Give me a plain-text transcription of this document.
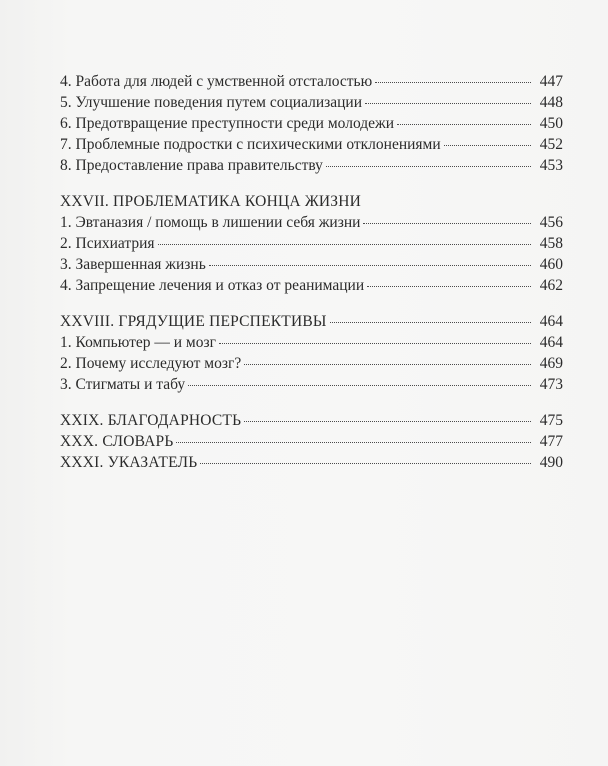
4. Работа для людей с умственной отсталостью	447
5. Улучшение поведения путем социализации	448
6. Предотвращение преступности среди молодежи	450
7. Проблемные подростки с психическими отклонениями	452
8. Предоставление права правительству	453
XXVII. ПРОБЛЕМАТИКА КОНЦА ЖИЗНИ
1. Эвтаназия / помощь в лишении себя жизни	456
2. Психиатрия	458
3. Завершенная жизнь	460
4. Запрещение лечения и отказ от реанимации	462
XXVIII. ГРЯДУЩИЕ ПЕРСПЕКТИВЫ	464
1. Компьютер — и мозг	464
2. Почему исследуют мозг?	469
3. Стигматы и табу	473
XXIX. БЛАГОДАРНОСТЬ	475
XXX. СЛОВАРЬ	477
XXXI. УКАЗАТЕЛЬ	490
